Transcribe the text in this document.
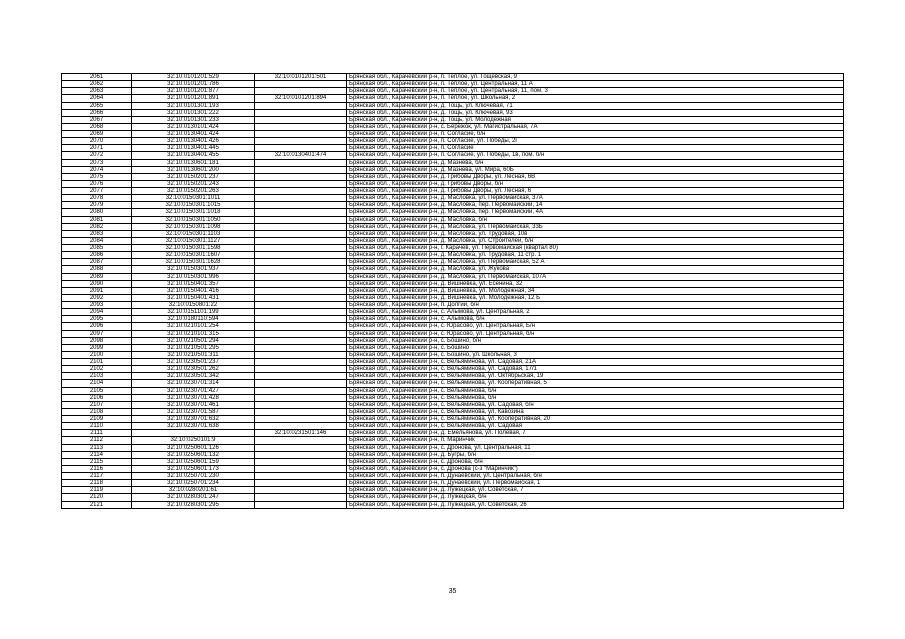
2061	32:10:0101201:529	32:10:0101201:501	Брянская обл., Карачевский р-н, п. Теплое, ул. Гощевская, 9
2062	32:10:0101201:786		Брянская обл., Карачевский р-н, п. Теплое, ул. Центральная, 11 А
2063	32:10:0101201:877		Брянская обл., Карачевский р-н, п. Теплое, ул. Центральная, 11, пом. 3
2064	32:10:0101201:891	32:10:0101201:894	Брянская обл., Карачевский р-н, п. Теплое, ул. Школьная, 2
2065	32:10:0101301:193		Брянская обл., Карачевский р-н, д. Тощь, ул. Ключевая, 71
2066	32:10:0101301:222		Брянская обл., Карачевский р-н, д. Тощь, ул. Ключевая, 93
2067	32:10:0101301:233		Брянская обл., Карачевский р-н, д. Тощь, ул. Молодежная
2068	32:10:0130101:424		Брянская обл., Карачевский р-н, с. Бережок, ул. Магистральная, 7А
2069	32:10:0130401:424		Брянская обл., Карачевский р-н, п. Согласие, б/н
2070	32:10:0130401:426		Брянская обл., Карачевский р-н, п. Согласие, ул. Победы, 2Г
2071	32:10:0130401:445		Брянская обл., Карачевский р-н, п. Согласие
2072	32:10:0130401:455	32:10:0130401:474	Брянская обл., Карачевский р-н, п. Согласие, ул. Победы, 1в, пом. б/н
2073	32:10:0130601:181		Брянская обл., Карачевский р-н, д. Мазнева, б/н
2074	32:10:0130601:200		Брянская обл., Карачевский р-н, д. Мазнева, ул. Мира, 60Б
2075	32:10:0150201:237		Брянская обл., Карачевский р-н, д. Грибовы Дворы, ул. Лесная, 6В
2076	32:10:0150201:243		Брянская обл., Карачевский р-н, д. Грибовы Дворы, б/н
2077	32:10:0150201:263		Брянская обл., Карачевский р-н, д. Грибовы Дворы, ул. Лесная, 6
2078	32:10:0150301:1011		Брянская обл., Карачевский р-н, д. Масловка, ул. Первомайская, 37А
2079	32:10:0150301:1015		Брянская обл., Карачевский р-н, д. Масловка, пер. Первомайский, 14
2080	32:10:0150301:1018		Брянская обл., Карачевский р-н, д. Масловка, пер. Первомайский, 4А
2081	32:10:0150301:1050		Брянская обл., Карачевский р-н, д. Масловка, б/н
2082	32:10:0150301:1098		Брянская обл., Карачевский р-н, д. Масловка, ул. Первомайская, 33Б
2083	32:10:0150301:1103		Брянская обл., Карачевский р-н, д. Масловка, ул. Трудовая, 10в
2084	32:10:0150301:1127		Брянская обл., Карачевский р-н, д. Масловка, ул. Строителей, б/н
2085	32:10:0150301:1598		Брянская обл., Карачевский р-н, г. Карачев, ул. Первомайская (квартал 80)
2086	32:10:0150301:1607		Брянская обл., Карачевский р-н, д. Масловка, ул. Трудовая, 11 стр. 1
2087	32:10:0150301:1628		Брянская обл., Карачевский р-н, д. Масловка, ул. Первомайская, 52 А
2088	32:10:0150301:937		Брянская обл., Карачевский р-н, д. Масловка, ул. Жукова
2089	32:10:0150301:996		Брянская обл., Карачевский р-н, д. Масловка, ул. Первомайская, 107А
2090	32:10:0150401:357		Брянская обл., Карачевский р-н, д. Вишневка, ул. Есенина, 32
2091	32:10:0150401:416		Брянская обл., Карачевский р-н, д. Вишневка, ул. Молодежная, 34
2092	32:10:0150401:431		Брянская обл., Карачевский р-н, д. Вишневка, ул. Молодежная, 12 Б
2093	32:10:0150801:22		Брянская обл., Карачевский р-н, п. Долгий, б/н
2094	32:10:0151101:199		Брянская обл., Карачевский р-н, с. Алымова, ул. Центральная, 2
2095	32:10:0180110:594		Брянская обл., Карачевский р-н, с. Алымова, б/н
2096	32:10:0210101:254		Брянская обл., Карачевский р-н, с. Юрасово, ул. Центральная, Б/н
2097	32:10:0210101:315		Брянская обл., Карачевский р-н, с. Юрасово, ул. Центральная, б/н
2098	32:10:0210501:294		Брянская обл., Карачевский р-н, с. Бошино, б/н
2099	32:10:0210501:295		Брянская обл., Карачевский р-н, с. Бошино
2100	32:10:0210501:311		Брянская обл., Карачевский р-н, с. Бошино, ул. Школьная, 3
2101	32:10:0230501:237		Брянская обл., Карачевский р-н, с. Вельяминова, ул. Садовая, 21А
2102	32:10:0230501:262		Брянская обл., Карачевский р-н, с. Вельяминова, ул. Садовая, 17/1
2103	32:10:0230501:342		Брянская обл., Карачевский р-н, с. Вельяминова, ул. Октябрьская, 19
2104	32:10:0230701:314		Брянская обл., Карачевский р-н, с. Вельяминова, ул. Кооперативная, 5
2105	32:10:0230701:427		Брянская обл., Карачевский р-н, с. Вельяминова, б/н
2106	32:10:0230701:428		Брянская обл., Карачевский р-н, с. Вельяминова, б/н
2107	32:10:0230701:461		Брянская обл., Карачевский р-н, с. Вельяминова, ул. Садовая, б/н
2108	32:10:0230701:587		Брянская обл., Карачевский р-н, с. Вельяминова, ул. Кавозина
2109	32:10:0230701:632		Брянская обл., Карачевский р-н, с. Вельяминова, ул. Кооперативная, 20
2110	32:10:0230701:638		Брянская обл., Карачевский р-н, с. Вельяминова, ул. Садовая
2111		32:10:0231501:146	Брянская обл., Карачевский р-н, д. Емельянова, ул. Полевая, 7
2112	32:10:0250101:9		Брянская обл., Карачевский р-н, п. Маринчик
2113	32:10:0250601:126		Брянская обл., Карачевский р-н, с. Дронова, ул. Центральная, 11
2114	32:10:0250601:132		Брянская обл., Карачевский р-н, д. Бугры, б/н
2115	32:10:0250601:159		Брянская обл., Карачевский р-н, с. Дронова, б/н
2116	32:10:0250601:173		Брянская обл., Карачевский р-н, с. Дронова (с-з "Маринчик")
2117	32:10:0250701:230		Брянская обл., Карачевский р-н, п. Дунаевский, ул. Центральная, б/н
2118	32:10:0250701:234		Брянская обл., Карачевский р-н, п. Дунаевский, ул. Первомайская, 1
2119	32:10:0280201:61		Брянская обл., Карачевский р-н, д. Лужецкая, ул. Советская, 7
2120	32:10:0280301:247		Брянская обл., Карачевский р-н, д. Лужецкая, б/н
2121	32:10:0280301:295		Брянская обл., Карачевский р-н, д. Лужецкая, ул. Советская, 26
35
